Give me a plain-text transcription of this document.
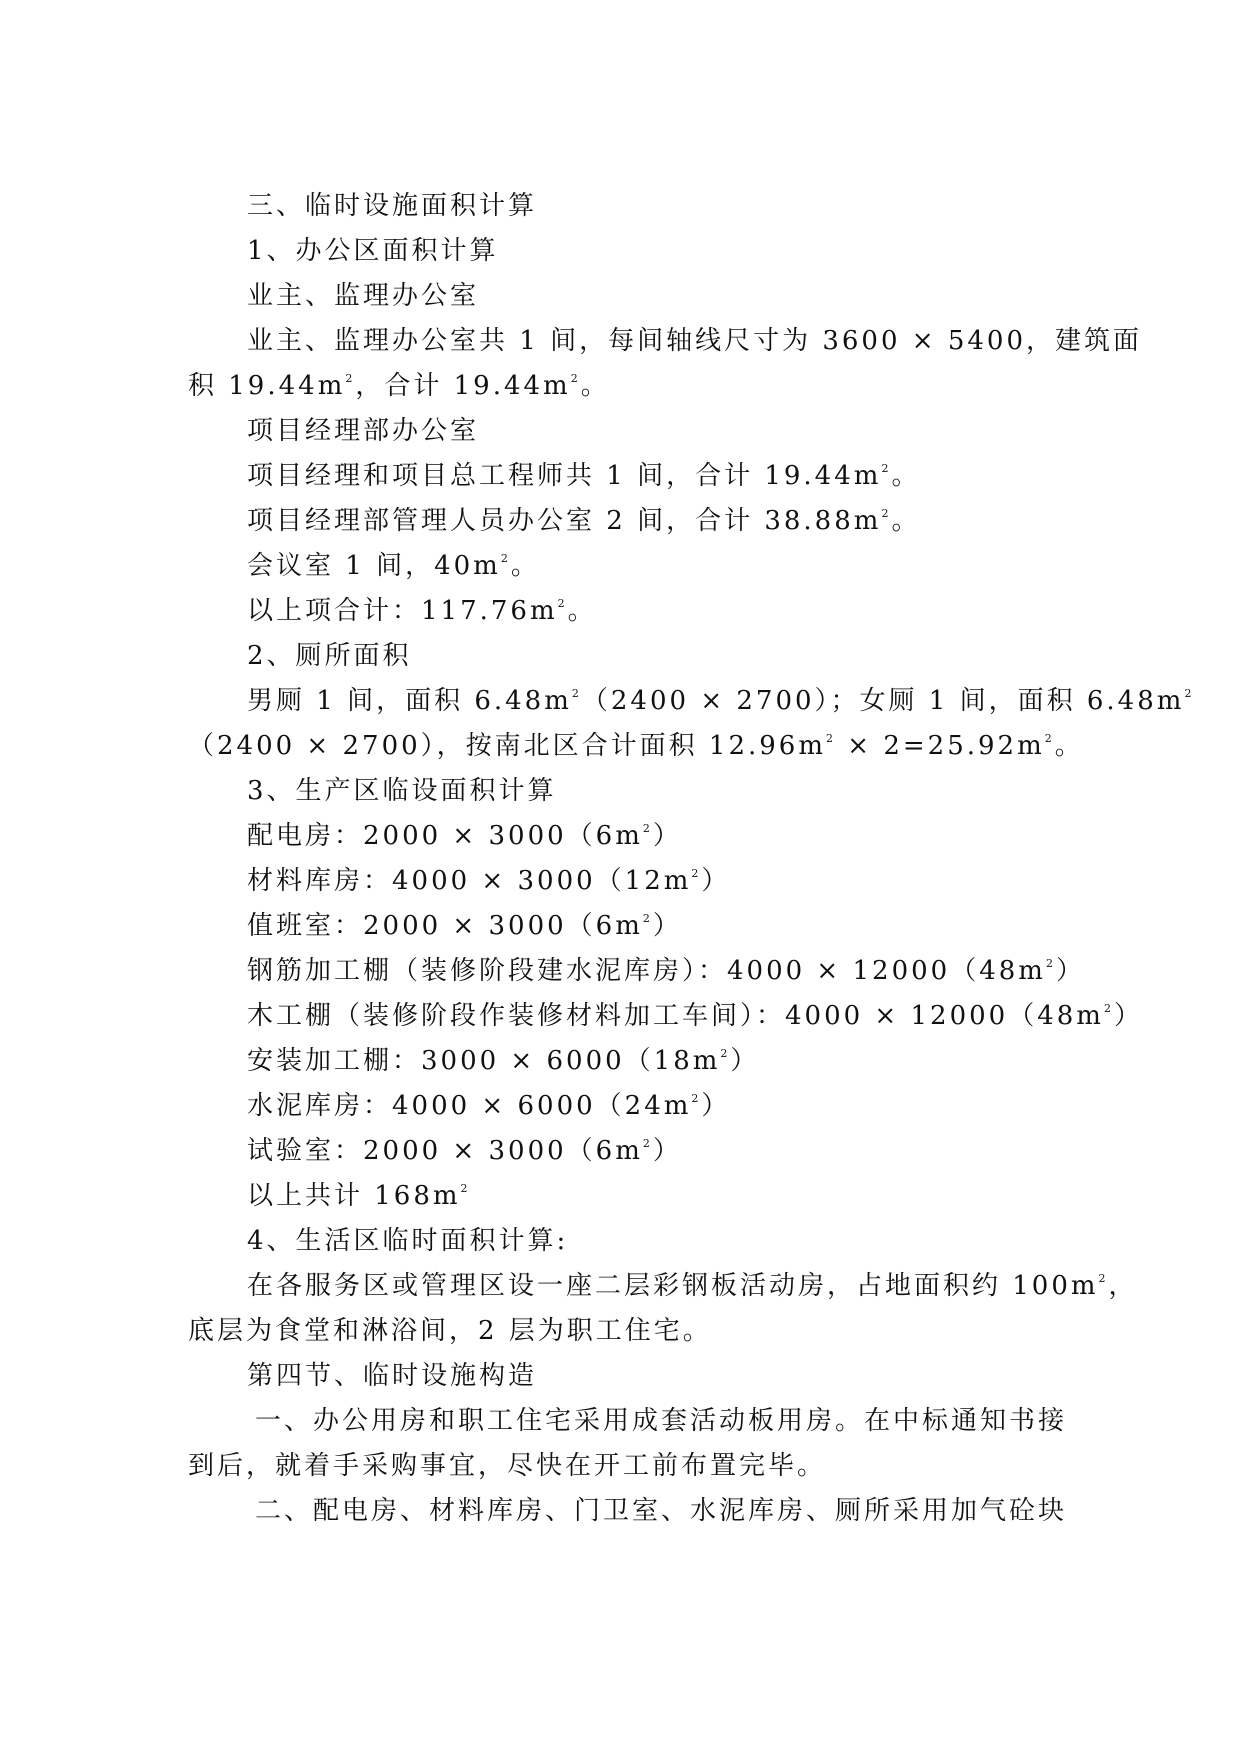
三、临时设施面积计算
1、办公区面积计算
业主、监理办公室
业主、监理办公室共 1 间，每间轴线尺寸为 3600 × 5400，建筑面
积 $19.44m^2$，合计 $19.44m^2$。
项目经理部办公室
项目经理和项目总工程师共 1 间，合计 $19.44m^2$。
项目经理部管理人员办公室 2 间，合计 $38.88m^2$。
会议室 1 间，$40m^2$。
以上项合计：$117.76m^2$。
2、厕所面积
男厕 1 间，面积 $6.48m^2(2400 \times 2700)$；女厕 1 间，面积 $6.48m^2$
（2400 × 2700），按南北区合计面积 $12.96m^2 \times 2=25.92m^2$。
3、生产区临设面积计算
配电房：$2000 \times 3000(6m^2)$
材料库房：$4000 \times 3000(12m^2)$
值班室：$2000 \times 3000(6m^2)$
钢筋加工棚（装修阶段建水泥库房）：$4000 \times 12000(48m^2)$
木工棚（装修阶段作装修材料加工车间）：$4000 \times 12000(48m^2)$
安装加工棚：$3000 \times 6000(18m^2)$
水泥库房：$4000 \times 6000(24m^2)$
试验室：$2000 \times 3000(6m^2)$
以上共计 $168m^2$
4、生活区临时面积计算:
在各服务区或管理区设一座二层彩钢板活动房，占地面积约 $100m^2$，
底层为食堂和淋浴间，2 层为职工住宅。
第四节、临时设施构造
一、办公用房和职工住宅采用成套活动板用房。在中标通知书接
到后，就着手采购事宜，尽快在开工前布置完毕。
二、配电房、材料库房、门卫室、水泥库房、厕所采用加气砼块
